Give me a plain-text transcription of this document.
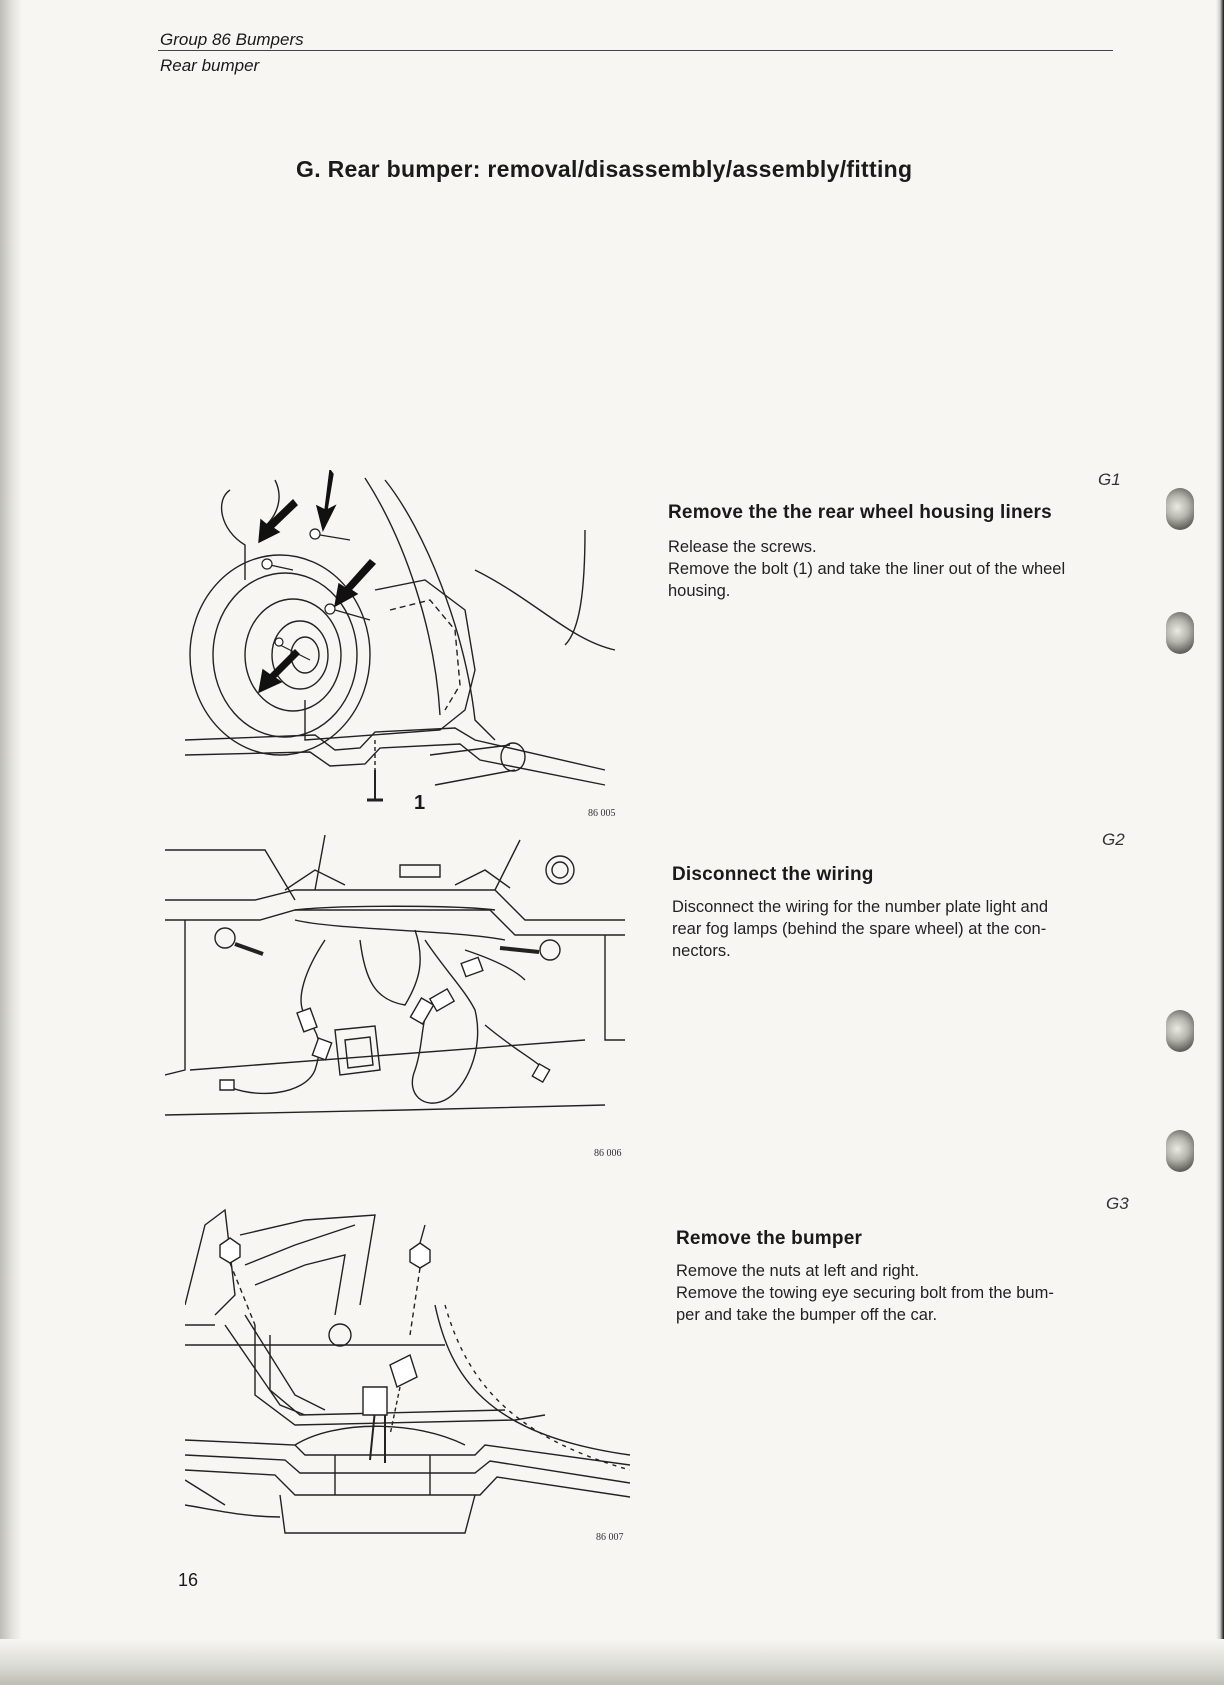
Group 86 Bumpers
Rear bumper
G. Rear bumper: removal/disassembly/assembly/fitting
1	86 005
G1
Remove the the rear wheel housing liners
Release the screws.
Remove the bolt (1) and take the liner out of the wheel
housing.
86 006
G2
Disconnect the wiring
Disconnect the wiring for the number plate light and
rear fog lamps (behind the spare wheel) at the con-
nectors.
86 007
G3
Remove the bumper
Remove the nuts at left and right.
Remove the towing eye securing bolt from the bum-
per and take the bumper off the car.
16
